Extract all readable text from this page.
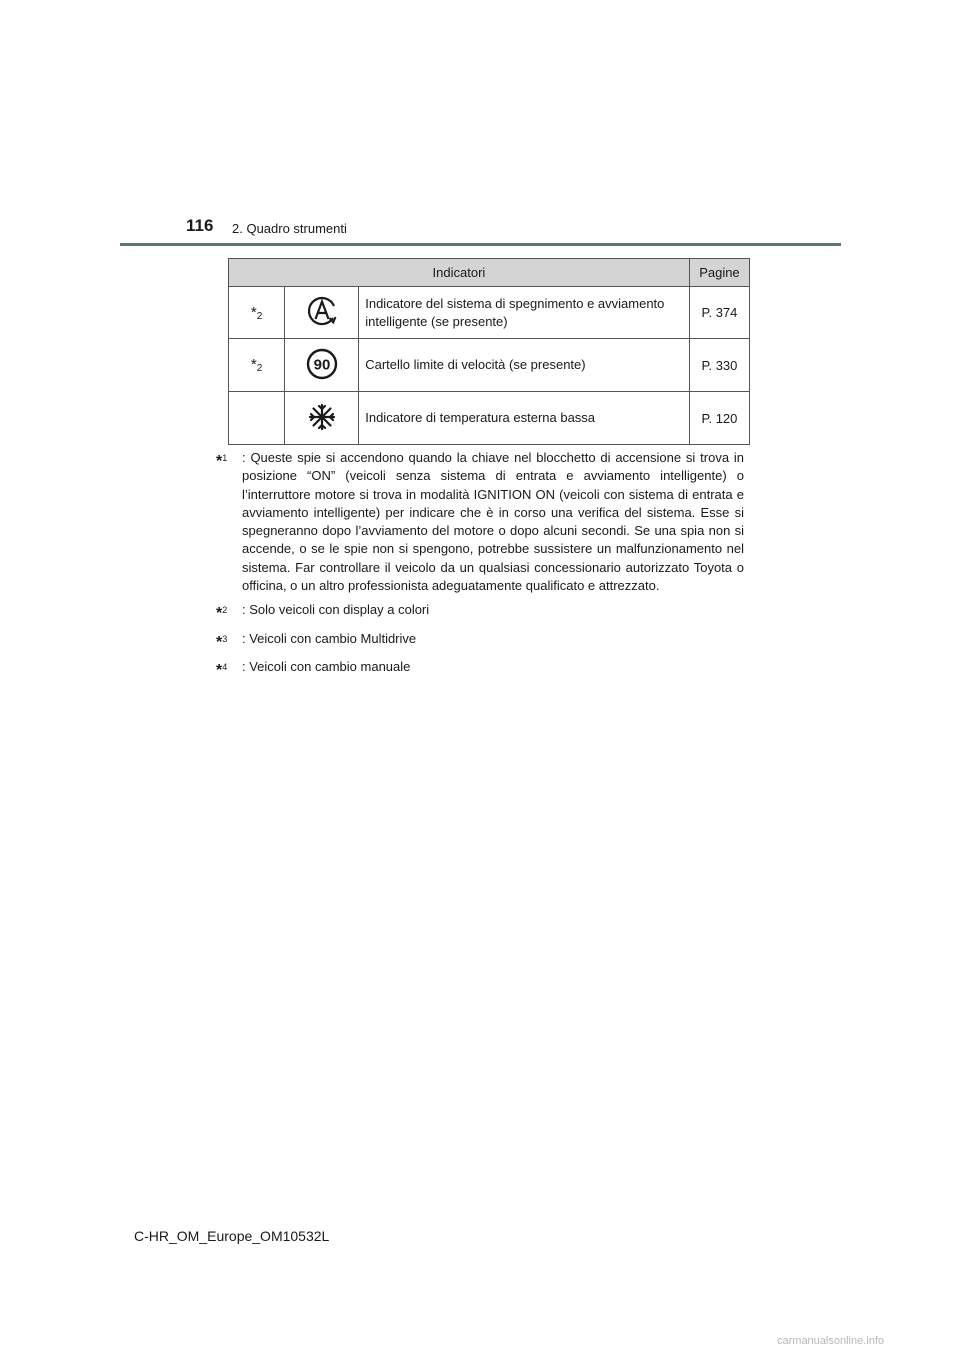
116 2. Quadro strumenti
Indicatori			Pagine
$*_2$		Indicatore del sistema di spegnimento e avviamento intelligente (se presente)	P. 374
$*_2$	90	Cartello limite di velocità (se presente)	P. 330
		Indicatore di temperatura esterna bassa	P. 120
*$^1$	: Queste spie si accendono quando la chiave nel blocchetto di accensione si trova in posizione “ON” (veicoli senza sistema di entrata e avviamento intelligente) o l’interruttore motore si trova in modalità IGNITION ON (veicoli con sistema di entrata e avviamento intelligente) per indicare che è in corso una verifica del sistema. Esse si spegneranno dopo l’avviamento del motore o dopo alcuni secondi. Se una spia non si accende, o se le spie non si spengono, potrebbe sussistere un malfunzionamento nel sistema. Far controllare il veicolo da un qualsiasi concessionario autorizzato Toyota o officina, o un altro professionista adeguatamente qualificato e attrezzato.
*$^2$	: Solo veicoli con display a colori
*$^3$	: Veicoli con cambio Multidrive
*$^4$	: Veicoli con cambio manuale
C-HR_OM_Europe_OM10532L
carmanualsonline.info
